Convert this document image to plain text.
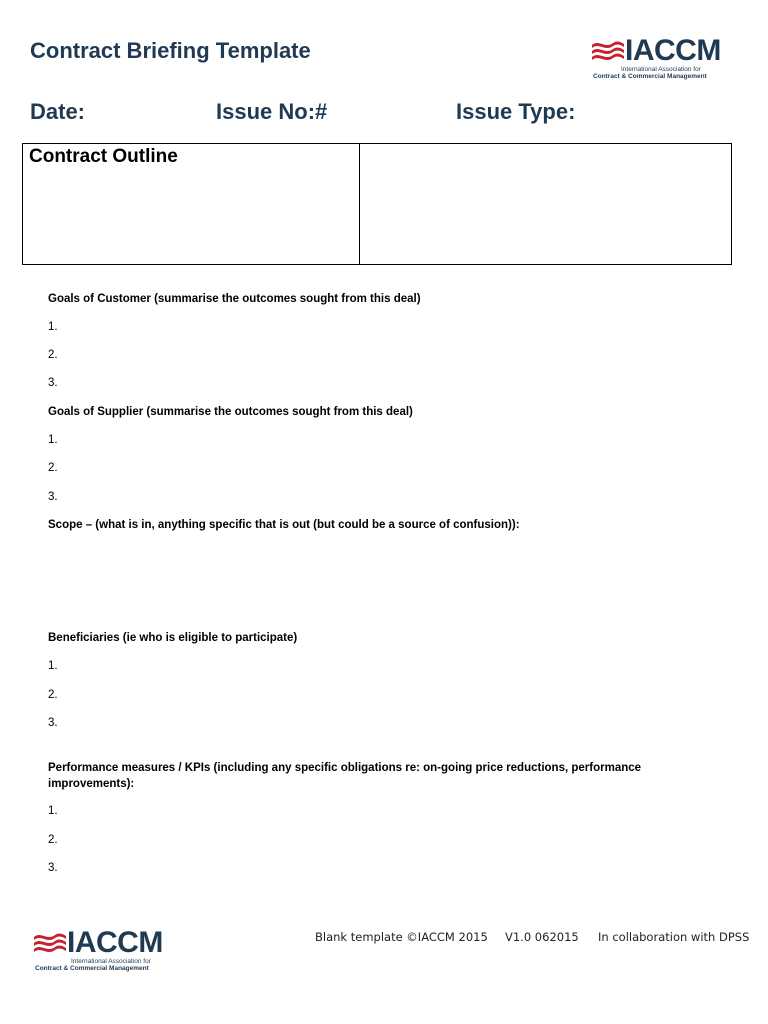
Contract Briefing Template	IACCM
International Association for
Contract & Commercial Management
Date:	Issue No:#	Issue Type:

Contract Outline

Goals of Customer (summarise the outcomes sought from this deal)

1.
2.
3.

Goals of Supplier (summarise the outcomes sought from this deal)

1.
2.
3.

Scope – (what is in, anything specific that is out (but could be a source of confusion)):

Beneficiaries (ie who is eligible to participate)

1.
2.
3.

Performance measures / KPIs (including any specific obligations re: on-going price reductions, performance improvements):

1.
2.
3.
IACCM
International Association for
Contract & Commercial Management
Blank template ©IACCM 2015 V1.0 062015 In collaboration with DPSS
